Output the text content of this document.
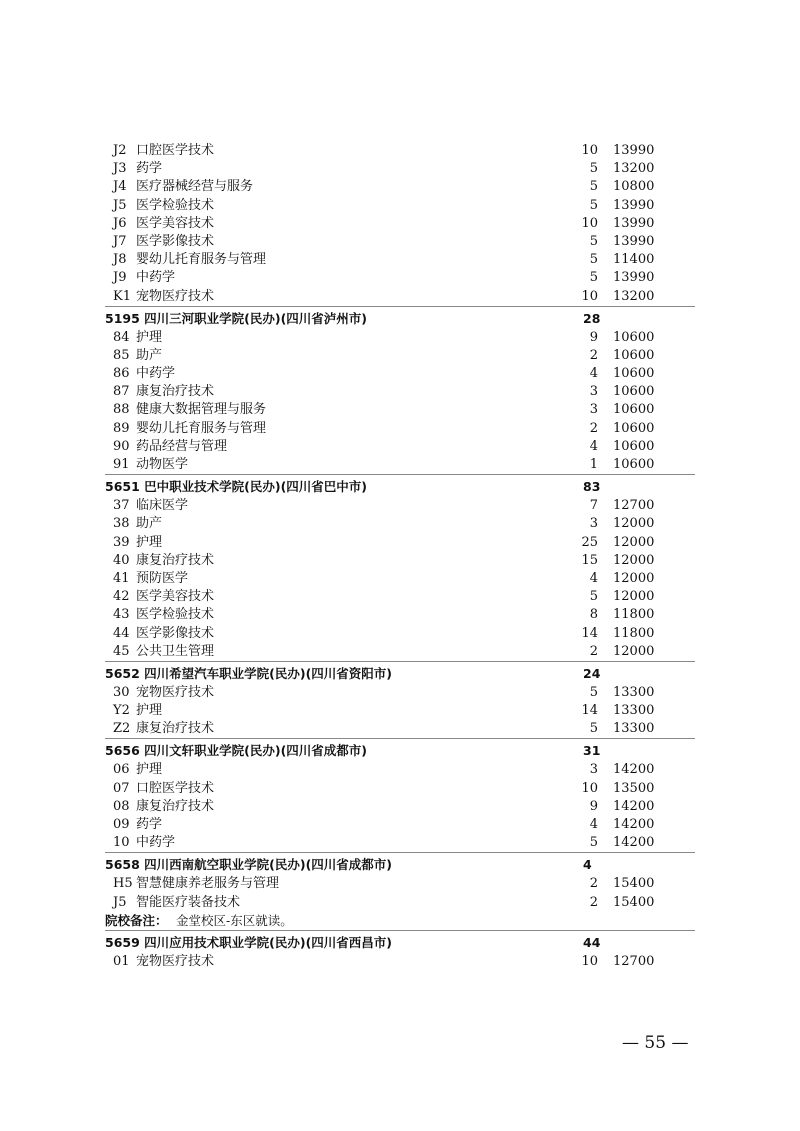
J2 口腔医学技术	10 13990
J3 药学	5 13200
J4 医疗器械经营与服务	5 10800
J5 医学检验技术	5 13990
J6 医学美容技术	10 13990
J7 医学影像技术	5 13990
J8 婴幼儿托育服务与管理	5 11400
J9 中药学	5 13990
K1 宠物医疗技术	10 13200
5195 四川三河职业学院(民办)(四川省泸州市)	28
84 护理	9 10600
85 助产	2 10600
86 中药学	4 10600
87 康复治疗技术	3 10600
88 健康大数据管理与服务	3 10600
89 婴幼儿托育服务与管理	2 10600
90 药品经营与管理	4 10600
91 动物医学	1 10600
5651 巴中职业技术学院(民办)(四川省巴中市)	83
37 临床医学	7 12700
38 助产	3 12000
39 护理	25 12000
40 康复治疗技术	15 12000
41 预防医学	4 12000
42 医学美容技术	5 12000
43 医学检验技术	8 11800
44 医学影像技术	14 11800
45 公共卫生管理	2 12000
5652 四川希望汽车职业学院(民办)(四川省资阳市)	24
30 宠物医疗技术	5 13300
Y2 护理	14 13300
Z2 康复治疗技术	5 13300
5656 四川文轩职业学院(民办)(四川省成都市)	31
06 护理	3 14200
07 口腔医学技术	10 13500
08 康复治疗技术	9 14200
09 药学	4 14200
10 中药学	5 14200
5658 四川西南航空职业学院(民办)(四川省成都市)	4
H5 智慧健康养老服务与管理	2 15400
J5 智能医疗装备技术	2 15400
院校备注： 金堂校区-东区就读。
5659 四川应用技术职业学院(民办)(四川省西昌市)	44
01 宠物医疗技术	10 12700
— 55 —
